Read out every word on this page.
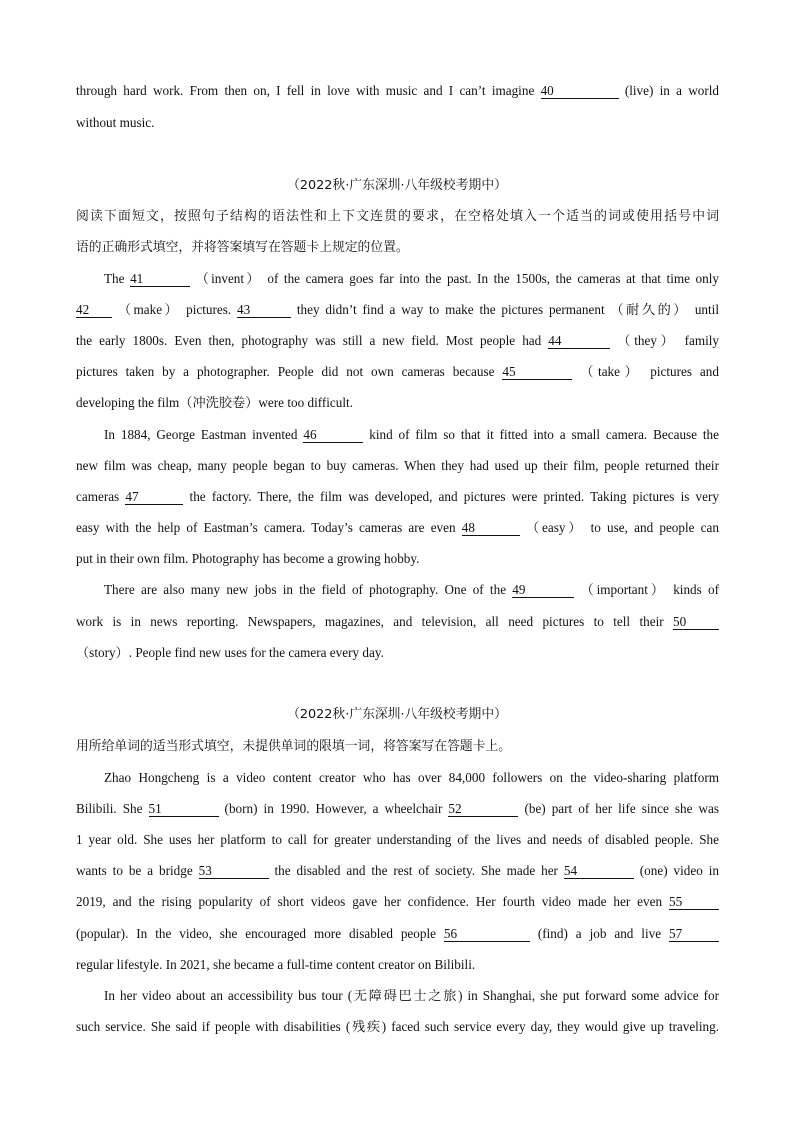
through hard work. From then on, I fell in love with music and I can’t imagine 40	(live) in a world
without music.
（2022秋·广东深圳·八年级校考期中）
阅读下面短文，按照句子结构的语法性和上下文连贯的要求，在空格处填入一个适当的词或使用括号中词
语的正确形式填空，并将答案填写在答题卡上规定的位置。
The 41	（invent） of the camera goes far into the past. In the 1500s, the cameras at that time only
42 （make） pictures. 43	they didn’t find a way to make the pictures permanent （耐久的） until
the early 1800s. Even then, photography was still a new field. Most people had 44	（they） family
pictures taken by a photographer. People did not own cameras because 45	（take） pictures and
developing the film（冲洗胶卷）were too difficult.
In 1884, George Eastman invented 46	kind of film so that it fitted into a small camera. Because the
new film was cheap, many people began to buy cameras. When they had used up their film, people returned their
cameras 47	the factory. There, the film was developed, and pictures were printed. Taking pictures is very
easy with the help of Eastman’s camera. Today’s cameras are even 48	（easy） to use, and people can
put in their own film. Photography has become a growing hobby.
There are also many new jobs in the field of photography. One of the 49	（important） kinds of
work is in news reporting. Newspapers, magazines, and television, all need pictures to tell their 50
（story）. People find new uses for the camera every day.
（2022秋·广东深圳·八年级校考期中）
用所给单词的适当形式填空，未提供单词的限填一词，将答案写在答题卡上。
Zhao Hongcheng is a video content creator who has over 84,000 followers on the video-sharing platform
Bilibili. She 51	(born) in 1990. However, a wheelchair 52	(be) part of her life since she was
1 year old. She uses her platform to call for greater understanding of the lives and needs of disabled people. She
wants to be a bridge 53	the disabled and the rest of society. She made her 54	(one) video in
2019, and the rising popularity of short videos gave her confidence. Her fourth video made her even 55
(popular). In the video, she encouraged more disabled people 56	(find) a job and live 57
regular lifestyle. In 2021, she became a full-time content creator on Bilibili.
In her video about an accessibility bus tour (无障碍巴士之旅) in Shanghai, she put forward some advice for
such service. She said if people with disabilities (残疾) faced such service every day, they would give up traveling.
